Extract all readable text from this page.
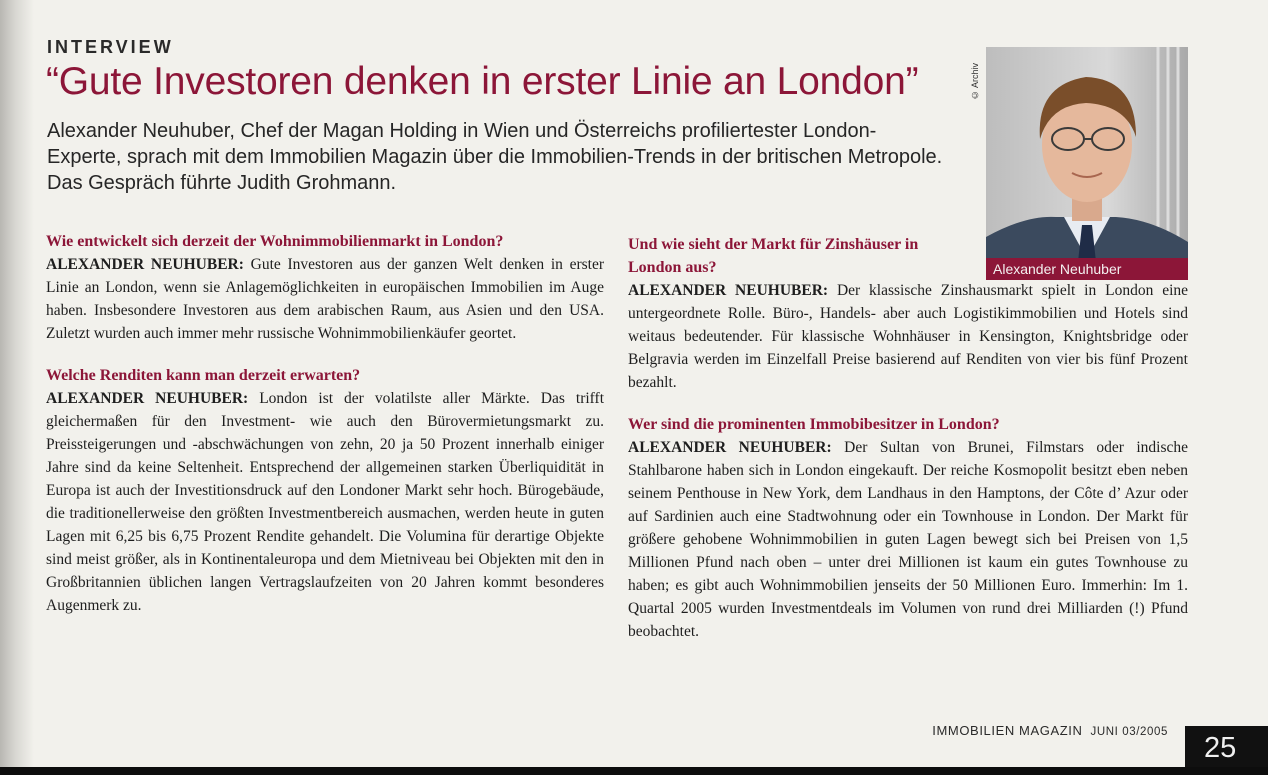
INTERVIEW
“Gute Investoren denken in erster Linie an London”

Alexander Neuhuber, Chef der Magan Holding in Wien und Österreichs profiliertester London-Experte, sprach mit dem Immobilien Magazin über die Immobilien-Trends in der britischen Metropole. Das Gespräch führte Judith Grohmann.

Wie entwickelt sich derzeit der Wohnimmobilienmarkt in London?

ALEXANDER NEUHUBER: Gute Investoren aus der ganzen Welt denken in erster Linie an London, wenn sie Anlagemöglichkeiten in europäischen Immobilien im Auge haben. Insbesondere Investoren aus dem arabischen Raum, aus Asien und den USA. Zuletzt wurden auch immer mehr russische Wohnimmobilienkäufer geortet.

Welche Renditen kann man derzeit erwarten?

ALEXANDER NEUHUBER: London ist der volatilste aller Märkte. Das trifft gleichermaßen für den Investment- wie auch den Bürovermietungsmarkt zu. Preissteigerungen und -abschwächungen von zehn, 20 ja 50 Prozent innerhalb einiger Jahre sind da keine Seltenheit. Entsprechend der allgemeinen starken Überliquidität in Europa ist auch der Investitionsdruck auf den Londoner Markt sehr hoch. Bürogebäude, die traditionellerweise den größten Investmentbereich ausmachen, werden heute in guten Lagen mit 6,25 bis 6,75 Prozent Rendite gehandelt. Die Volumina für derartige Objekte sind meist größer, als in Kontinentaleuropa und dem Mietniveau bei Objekten mit den in Großbritannien üblichen langen Vertragslaufzeiten von 20 Jahren kommt besonderes Augenmerk zu.

Und wie sieht der Markt für Zinshäuser in London aus?

ALEXANDER NEUHUBER: Der klassische Zinshausmarkt spielt in London eine untergeordnete Rolle. Büro-, Handels- aber auch Logistikimmobilien und Hotels sind weitaus bedeutender. Für klassische Wohnhäuser in Kensington, Knightsbridge oder Belgravia werden im Einzelfall Preise basierend auf Renditen von vier bis fünf Prozent bezahlt.

Wer sind die prominenten Immobibesitzer in London?

ALEXANDER NEUHUBER: Der Sultan von Brunei, Filmstars oder indische Stahlbarone haben sich in London eingekauft. Der reiche Kosmopolit besitzt eben neben seinem Penthouse in New York, dem Landhaus in den Hamptons, der Côte d’ Azur oder auf Sardinien auch eine Stadtwohnung oder ein Townhouse in London. Der Markt für größere gehobene Wohnimmobilien in guten Lagen bewegt sich bei Preisen von 1,5 Millionen Pfund nach oben – unter drei Millionen ist kaum ein gutes Townhouse zu haben; es gibt auch Wohnimmobilien jenseits der 50 Millionen Euro. Immerhin: Im 1. Quartal 2005 wurden Investmentdeals im Volumen von rund drei Milliarden (!) Pfund beobachtet.

© Archiv
Alexander Neuhuber
IMMOBILIEN MAGAZIN JUNI 03/2005	25
